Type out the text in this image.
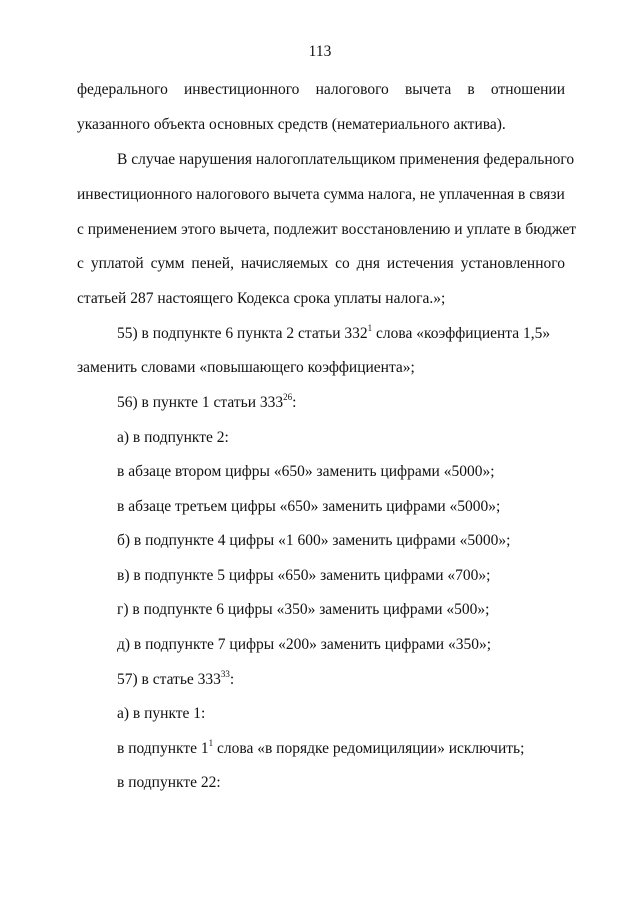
113
федерального инвестиционного налогового вычета в отношении
указанного объекта основных средств (нематериального актива).
В случае нарушения налогоплательщиком применения федерального
инвестиционного налогового вычета сумма налога, не уплаченная в связи
с применением этого вычета, подлежит восстановлению и уплате в бюджет
с уплатой сумм пеней, начисляемых со дня истечения установленного
статьей 287 настоящего Кодекса срока уплаты налога.»;
55) в подпункте 6 пункта 2 статьи $332^1$ слова «коэффициента 1,5»
заменить словами «повышающего коэффициента»;
56) в пункте 1 статьи $333^{26}$:
а) в подпункте 2:
в абзаце втором цифры «650» заменить цифрами «5000»;
в абзаце третьем цифры «650» заменить цифрами «5000»;
б) в подпункте 4 цифры «1 600» заменить цифрами «5000»;
в) в подпункте 5 цифры «650» заменить цифрами «700»;
г) в подпункте 6 цифры «350» заменить цифрами «500»;
д) в подпункте 7 цифры «200» заменить цифрами «350»;
57) в статье $333^{33}$:
а) в пункте 1:
в подпункте $1^1$ слова «в порядке редомициляции» исключить;
в подпункте 22:
